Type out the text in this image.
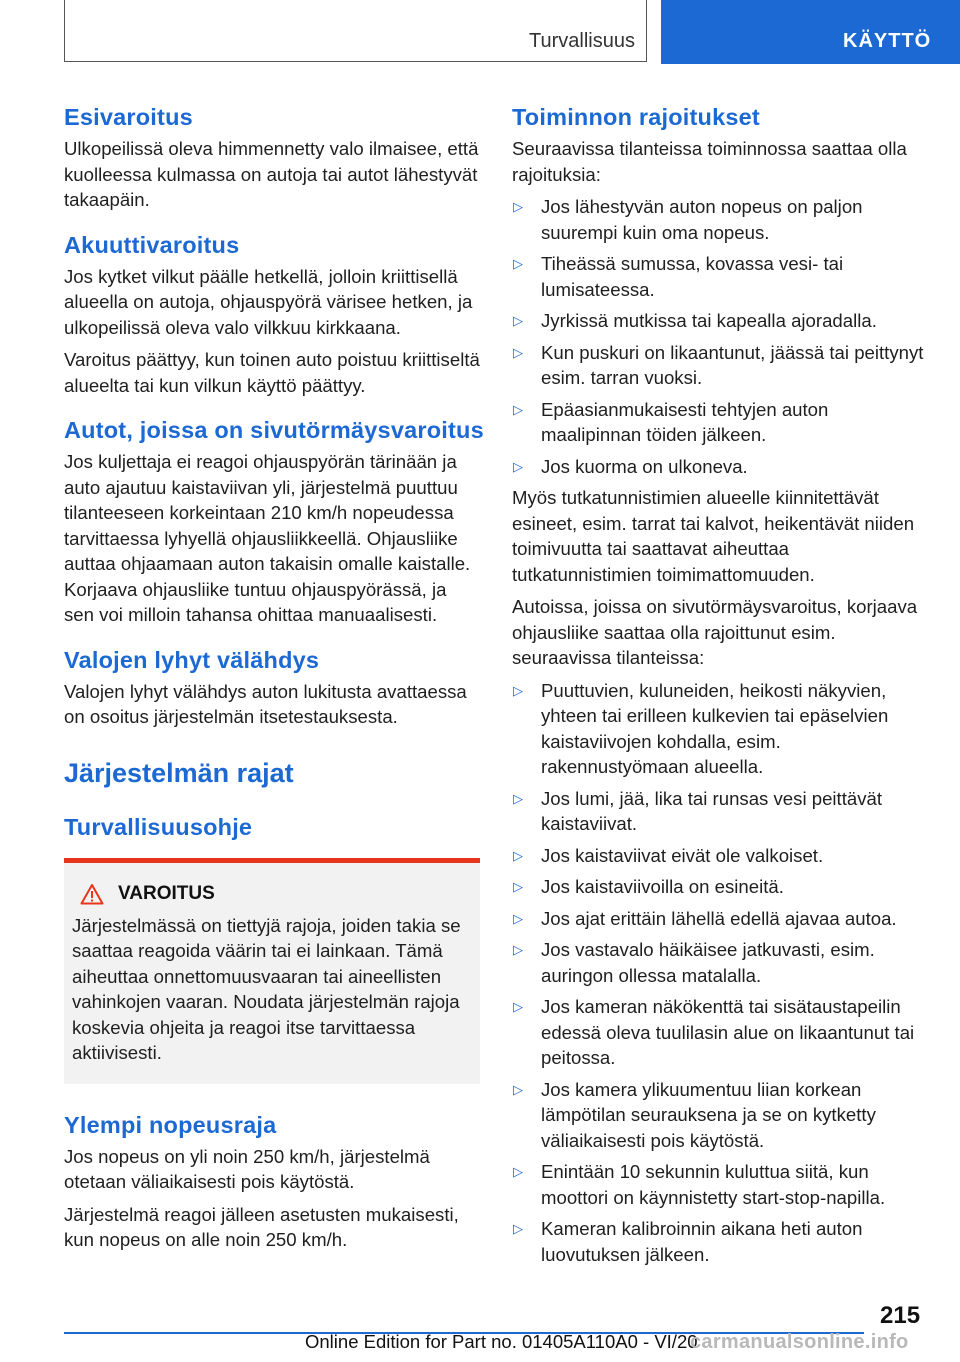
Turvallisuus	KÄYTTÖ
Esivaroitus

Ulkopeilissä oleva himmennetty valo ilmaisee, että kuolleessa kulmassa on autoja tai autot lähestyvät takaapäin.

Akuuttivaroitus

Jos kytket vilkut päälle hetkellä, jolloin kriittisellä alueella on autoja, ohjauspyörä värisee hetken, ja ulkopeilissä oleva valo vilkkuu kirkkaana.

Varoitus päättyy, kun toinen auto poistuu kriittiseltä alueelta tai kun vilkun käyttö päättyy.

Autot, joissa on sivutörmäysvaroitus

Jos kuljettaja ei reagoi ohjauspyörän tärinään ja auto ajautuu kaistaviivan yli, järjestelmä puuttuu tilanteeseen korkeintaan 210 km/h nopeudessa tarvittaessa lyhyellä ohjausliikkeellä. Ohjausliike auttaa ohjaamaan auton takaisin omalle kaistalle. Korjaava ohjausliike tuntuu ohjauspyörässä, ja sen voi milloin tahansa ohittaa manuaalisesti.

Valojen lyhyt välähdys

Valojen lyhyt välähdys auton lukitusta avattaessa on osoitus järjestelmän itsetestauksesta.

Järjestelmän rajat
Turvallisuusohje
VAROITUS

Järjestelmässä on tiettyjä rajoja, joiden takia se saattaa reagoida väärin tai ei lainkaan. Tämä aiheuttaa onnettomuusvaaran tai aineellisten vahinkojen vaaran. Noudata järjestelmän rajoja koskevia ohjeita ja reagoi itse tarvittaessa aktiivisesti.

Ylempi nopeusraja

Jos nopeus on yli noin 250 km/h, järjestelmä otetaan väliaikaisesti pois käytöstä.

Järjestelmä reagoi jälleen asetusten mukaisesti, kun nopeus on alle noin 250 km/h.

Toiminnon rajoitukset

Seuraavissa tilanteissa toiminnossa saattaa olla rajoituksia:

▷ Jos lähestyvän auton nopeus on paljon suurempi kuin oma nopeus.
▷ Tiheässä sumussa, kovassa vesi- tai lumisateessa.
▷ Jyrkissä mutkissa tai kapealla ajoradalla.
▷ Kun puskuri on likaantunut, jäässä tai peittynyt esim. tarran vuoksi.
▷ Epäasianmukaisesti tehtyjen auton maalipinnan töiden jälkeen.
▷ Jos kuorma on ulkoneva.

Myös tutkatunnistimien alueelle kiinnitettävät esineet, esim. tarrat tai kalvot, heikentävät niiden toimivuutta tai saattavat aiheuttaa tutkatunnistimien toimimattomuuden.

Autoissa, joissa on sivutörmäysvaroitus, korjaava ohjausliike saattaa olla rajoittunut esim. seuraavissa tilanteissa:

▷ Puuttuvien, kuluneiden, heikosti näkyvien, yhteen tai erilleen kulkevien tai epäselvien kaistaviivojen kohdalla, esim. rakennustyömaan alueella.
▷ Jos lumi, jää, lika tai runsas vesi peittävät kaistaviivat.
▷ Jos kaistaviivat eivät ole valkoiset.
▷ Jos kaistaviivoilla on esineitä.
▷ Jos ajat erittäin lähellä edellä ajavaa autoa.
▷ Jos vastavalo häikäisee jatkuvasti, esim. auringon ollessa matalalla.
▷ Jos kameran näkökenttä tai sisätaustapeilin edessä oleva tuulilasin alue on likaantunut tai peitossa.
▷ Jos kamera ylikuumentuu liian korkean lämpötilan seurauksena ja se on kytketty väliaikaisesti pois käytöstä.
▷ Enintään 10 sekunnin kuluttua siitä, kun moottori on käynnistetty start-stop-napilla.
▷ Kameran kalibroinnin aikana heti auton luovutuksen jälkeen.
215
Online Edition for Part no. 01405A110A0 - VI/20
carmanualsonline.info
